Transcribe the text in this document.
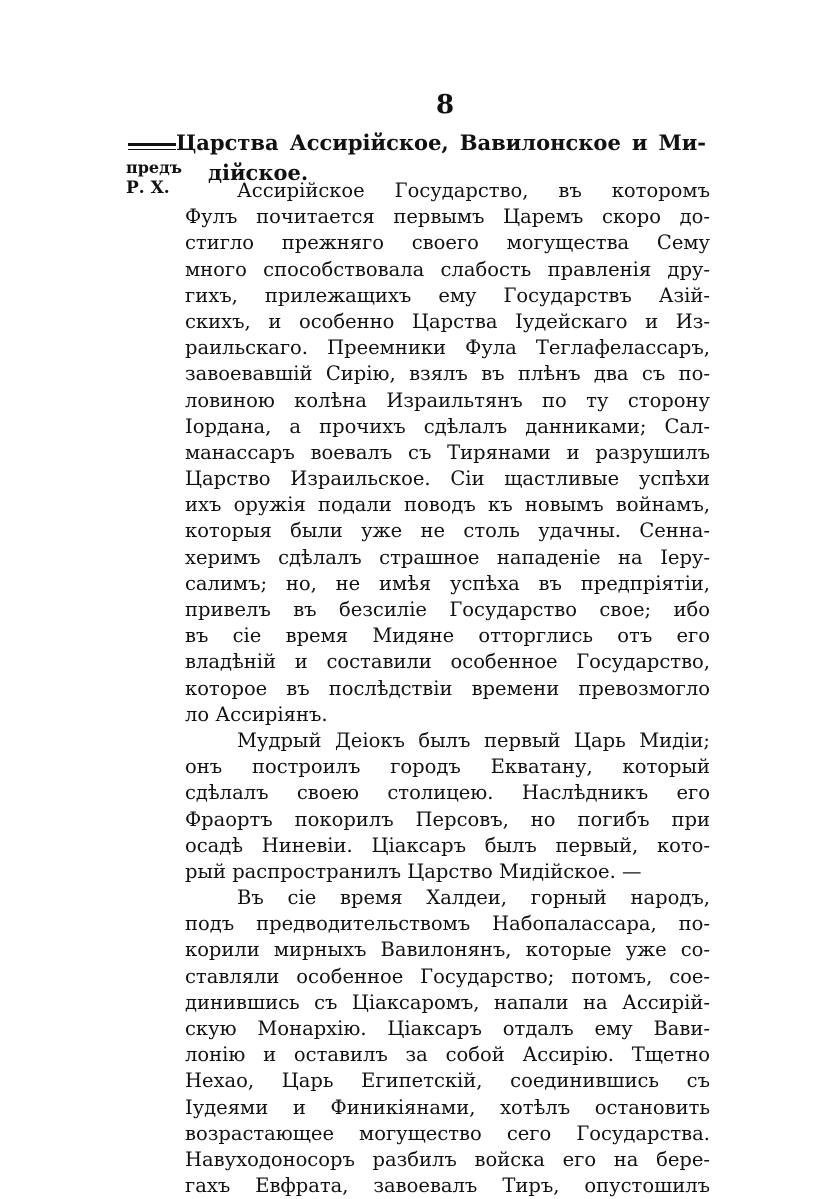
8
Царства Ассирійское, Вавилонское и Ми-
предъ дійское.
Р. Х.	Ассирійское Государство, въ которомъ
Фулъ почитается первымъ Царемъ скоро до-
стигло прежняго своего могущества Сему
много способствовала слабость правленія дру-
гихъ, прилежащихъ ему Государствъ Азій-
скихъ, и особенно Царства Іудейскаго и Из-
раильскаго. Преемники Фула Теглафелассаръ,
завоевавшій Сирію, взялъ въ плѣнъ два съ по-
ловиною колѣна Израильтянъ по ту сторону
Іордана, а прочихъ сдѣлалъ данниками; Сал-
манассаръ воевалъ съ Тирянами и разрушилъ
Царство Израильское. Сіи щастливые успѣхи
ихъ оружія подали поводъ къ новымъ войнамъ,
которыя были уже не столь удачны. Сенна-
херимъ сдѣлалъ страшное нападеніе на Іеру-
салимъ; но, не имѣя успѣха въ предпріятіи,
привелъ въ безсиліе Государство свое; ибо
въ сіе время Мидяне отторглись отъ его
владѣній и составили особенное Государство,
которое въ послѣдствіи времени превозмогло
ло Ассиріянъ.
Мудрый Деіокъ былъ первый Царь Мидіи;
онъ построилъ городъ Екватану, который
сдѣлалъ своею столицею. Наслѣдникъ его
Фраортъ покорилъ Персовъ, но погибъ при
осадѣ Ниневіи. Ціаксаръ былъ первый, кото-
рый распространилъ Царство Мидійское. —
Въ сіе время Халдеи, горный народъ,
подъ предводительствомъ Набопалассара, по-
корили мирныхъ Вавилонянъ, которые уже со-
ставляли особенное Государство; потомъ, сое-
динившись съ Ціаксаромъ, напали на Ассирій-
скую Монархію. Ціаксаръ отдалъ ему Вави-
лонію и оставилъ за собой Ассирію. Тщетно
Нехао, Царь Египетскій, соединившись съ
Іудеями и Финикіянами, хотѣлъ остановить
возрастающее могущество сего Государства.
Навуходоносоръ разбилъ войска его на бере-
гахъ Евфрата, завоевалъ Тиръ, опустошилъ
